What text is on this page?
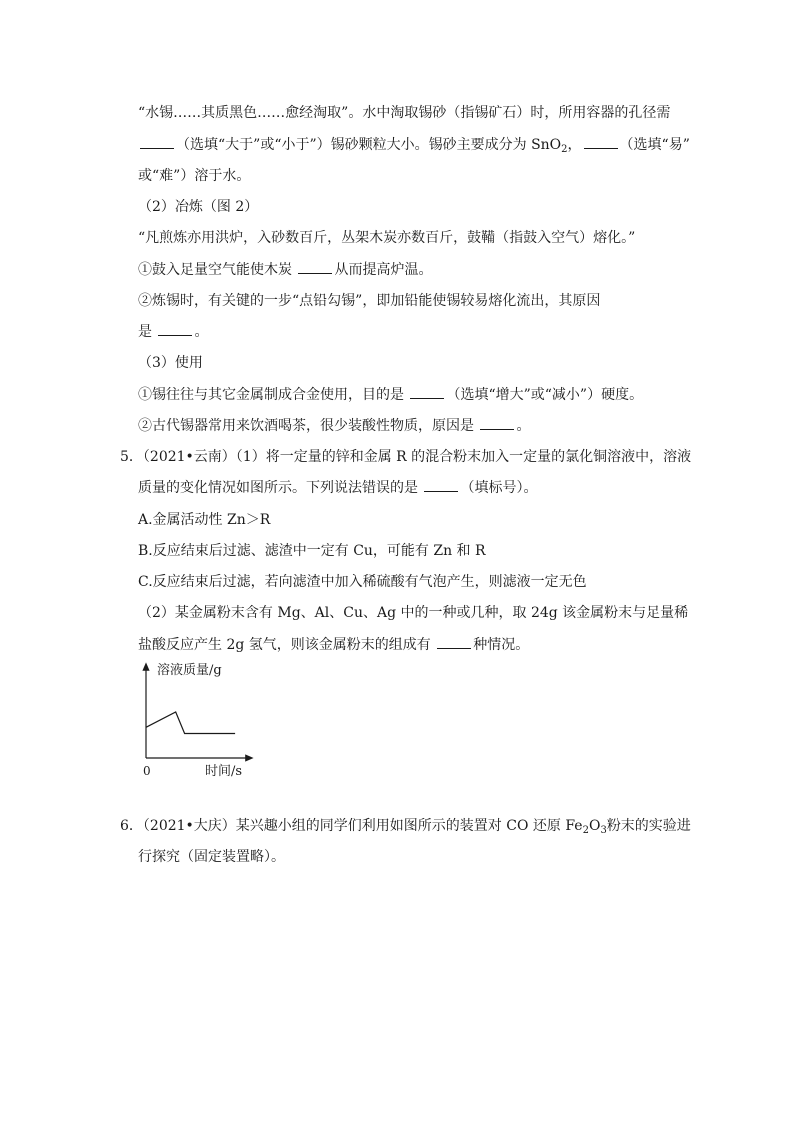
“水锡……其质黑色……愈经淘取”。水中淘取锡砂（指锡矿石）时，所用容器的孔径需
（选填“大于”或“小于”）锡砂颗粒大小。锡砂主要成分为 SnO$_2$，	（选填“易”
或“难”）溶于水。
（2）冶炼（图 2）
“凡煎炼亦用洪炉，入砂数百斤，丛架木炭亦数百斤，鼓鞴（指鼓入空气）熔化。”
①鼓入足量空气能使木炭	从而提高炉温。
②炼锡时，有关键的一步“点铅勾锡”，即加铅能使锡较易熔化流出，其原因
是	。
（3）使用
①锡往往与其它金属制成合金使用，目的是	（选填“增大”或“减小”）硬度。
②古代锡器常用来饮酒喝茶，很少装酸性物质，原因是	。
5．（2021•云南）（1）将一定量的锌和金属 R 的混合粉末加入一定量的氯化铜溶液中，溶液
质量的变化情况如图所示。下列说法错误的是	（填标号）。
A.金属活动性 Zn＞R
B.反应结束后过滤、滤渣中一定有 Cu，可能有 Zn 和 R
C.反应结束后过滤，若向滤渣中加入稀硫酸有气泡产生，则滤液一定无色
（2）某金属粉末含有 Mg、Al、Cu、Ag 中的一种或几种，取 24g 该金属粉末与足量稀
盐酸反应产生 2g 氢气，则该金属粉末的组成有	种情况。
溶液质量/g
0	时间/s
6．（2021•大庆）某兴趣小组的同学们利用如图所示的装置对 CO 还原 $Fe_2O_3$粉末的实验进
行探究（固定装置略）。
